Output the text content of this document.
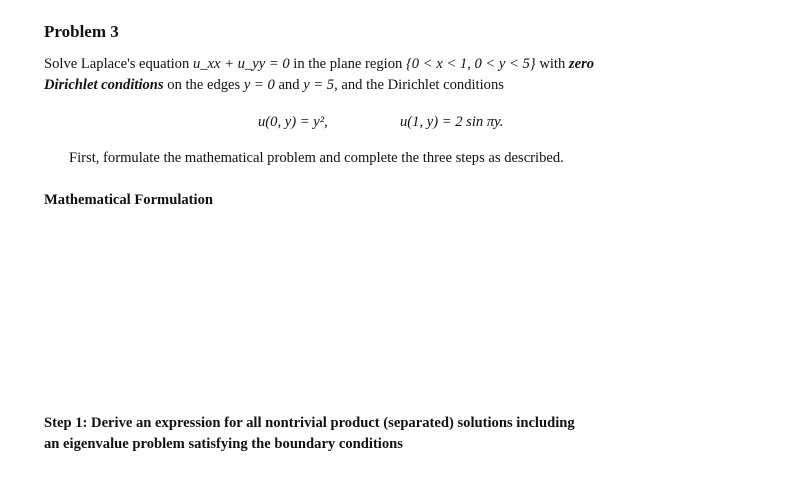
Problem 3
Solve Laplace's equation u_xx + u_yy = 0 in the plane region {0 < x < 1, 0 < y < 5} with zero
Dirichlet conditions on the edges y = 0 and y = 5, and the Dirichlet conditions
u(0, y) = y²,	u(1, y) = 2 sin πy.
First, formulate the mathematical problem and complete the three steps as described.
Mathematical Formulation
Step 1: Derive an expression for all nontrivial product (separated) solutions including
an eigenvalue problem satisfying the boundary conditions
